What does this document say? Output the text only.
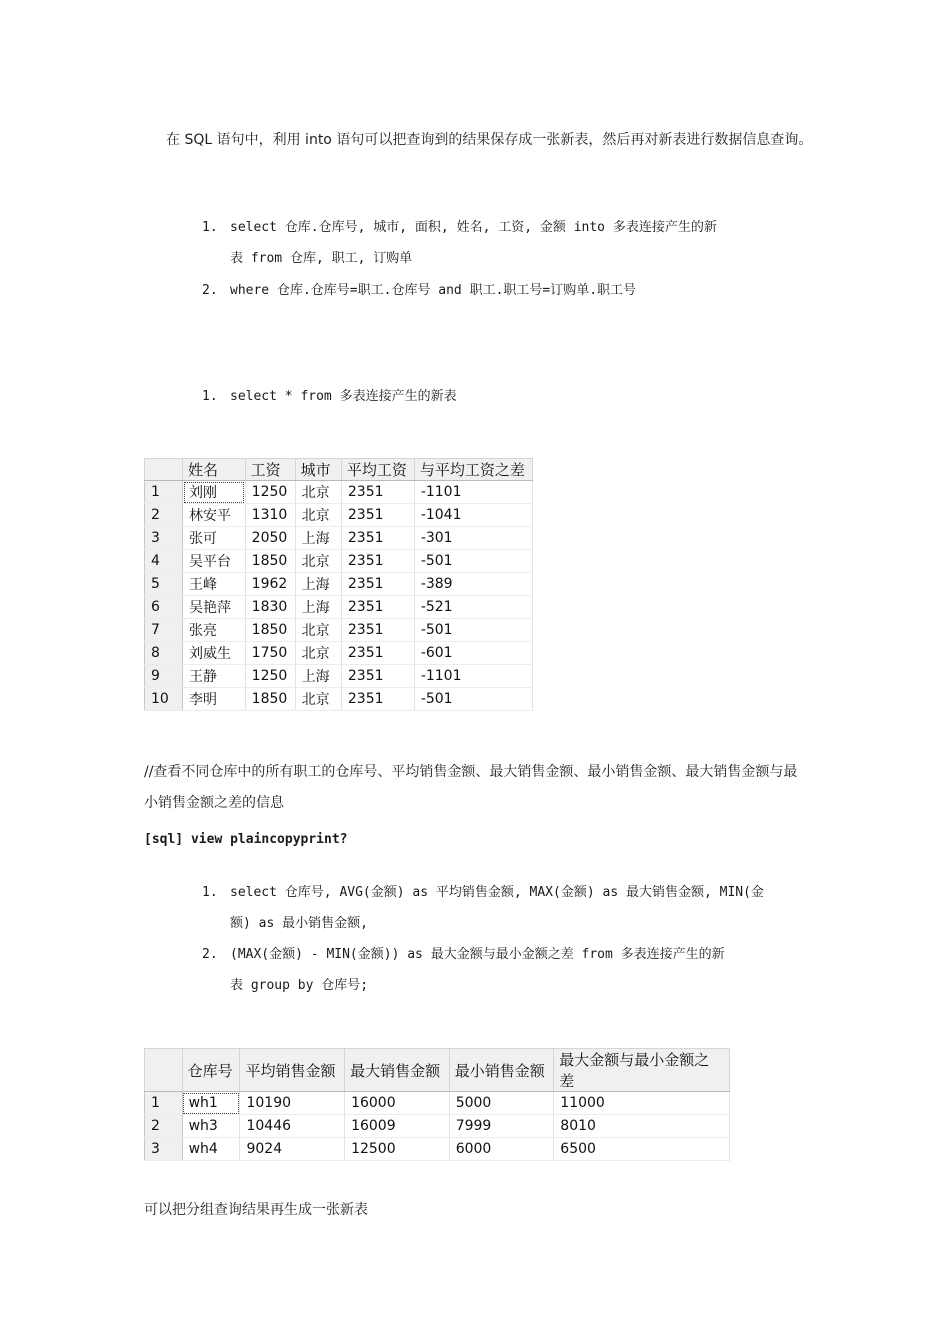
在 SQL 语句中，利用 into 语句可以把查询到的结果保存成一张新表，然后再对新表进行数据信息查询。
1. select 仓库.仓库号, 城市, 面积, 姓名, 工资, 金额 into 多表连接产生的新
表 from 仓库, 职工, 订购单
2. where 仓库.仓库号=职工.仓库号 and 职工.职工号=订购单.职工号
1. select * from 多表连接产生的新表
	姓名	工资	城市	平均工资	与平均工资之差
1	刘刚	1250	北京	2351	-1101
2	林安平	1310	北京	2351	-1041
3	张可	2050	上海	2351	-301
4	吴平台	1850	北京	2351	-501
5	王峰	1962	上海	2351	-389
6	吴艳萍	1830	上海	2351	-521
7	张亮	1850	北京	2351	-501
8	刘威生	1750	北京	2351	-601
9	王静	1250	上海	2351	-1101
10	李明	1850	北京	2351	-501
//查看不同仓库中的所有职工的仓库号、平均销售金额、最大销售金额、最小销售金额、最大销售金额与最
小销售金额之差的信息
[sql] view plaincopyprint?
1. select 仓库号, AVG(金额) as 平均销售金额, MAX(金额) as 最大销售金额, MIN(金
额) as 最小销售金额,
2. (MAX(金额) - MIN(金额)) as 最大金额与最小金额之差 from 多表连接产生的新
表 group by 仓库号;
	仓库号	平均销售金额	最大销售金额	最小销售金额	最大金额与最小金额之差
1	wh1	10190	16000	5000	11000
2	wh3	10446	16009	7999	8010
3	wh4	9024	12500	6000	6500
可以把分组查询结果再生成一张新表
